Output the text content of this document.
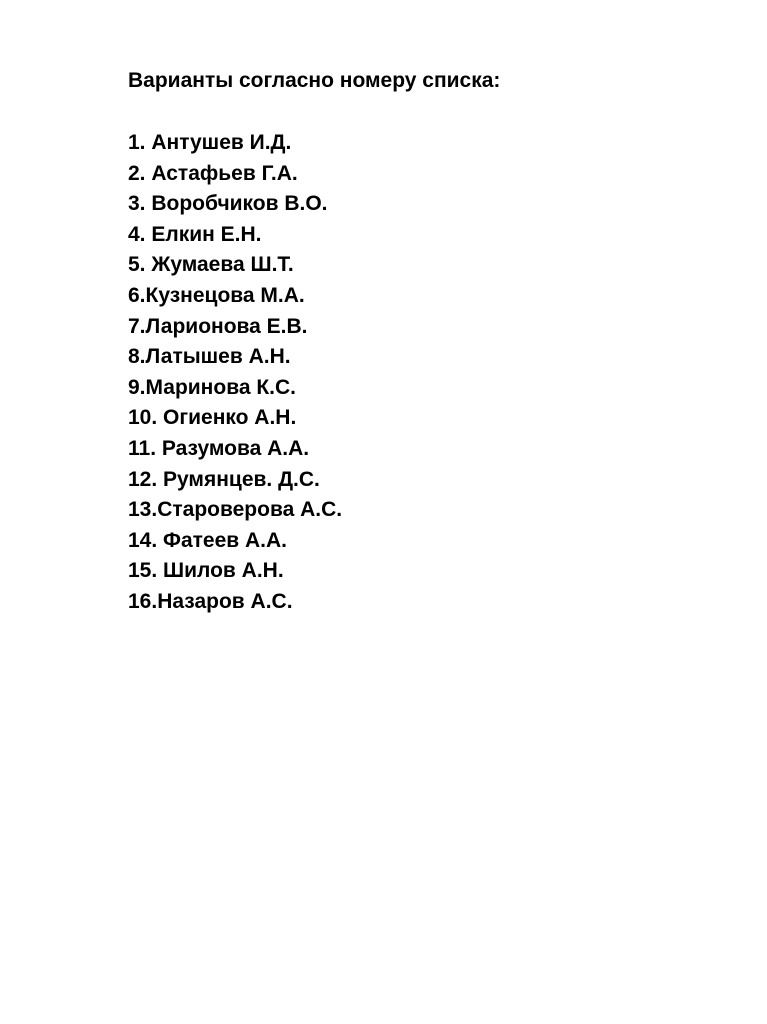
Варианты согласно номеру списка:
1. Антушев И.Д.
2. Астафьев Г.А.
3. Воробчиков В.О.
4. Елкин Е.Н.
5. Жумаева Ш.Т.
6.Кузнецова М.А.
7.Ларионова Е.В.
8.Латышев А.Н.
9.Маринова К.С.
10. Огиенко А.Н.
11. Разумова А.А.
12. Румянцев. Д.С.
13.Староверова А.С.
14. Фатеев А.А.
15. Шилов А.Н.
16.Назаров А.С.
